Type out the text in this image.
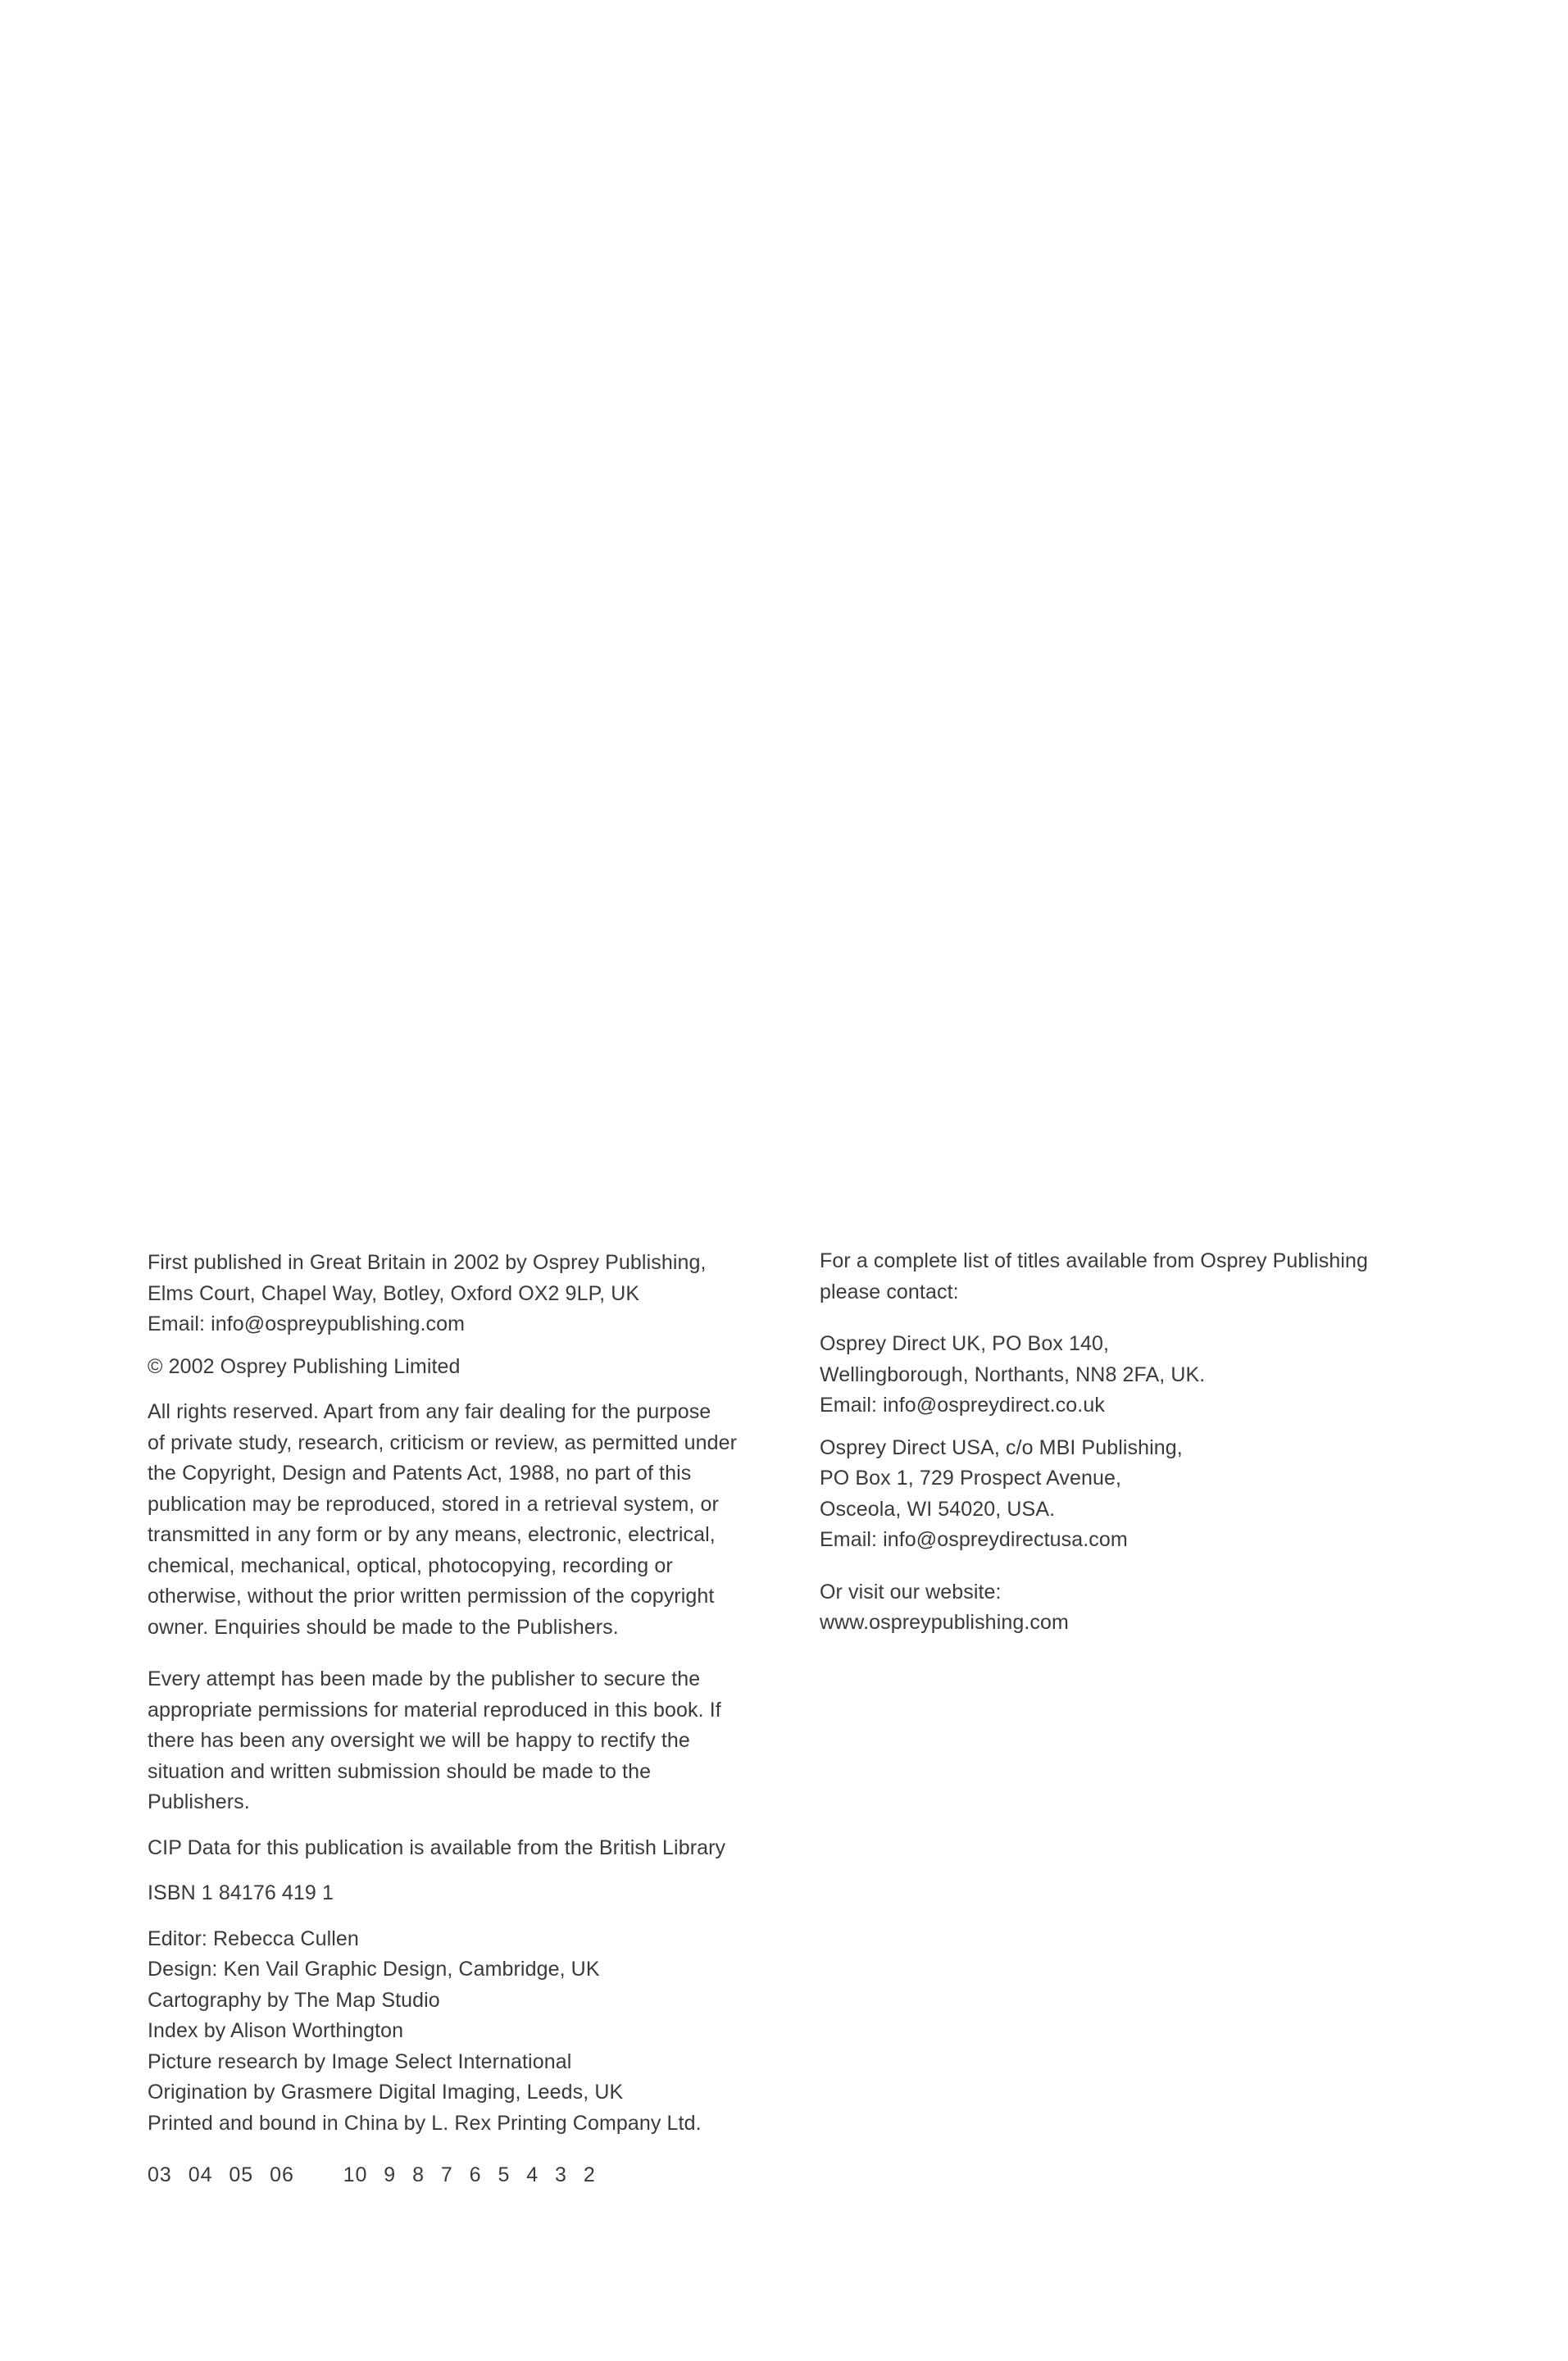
First published in Great Britain in 2002 by Osprey Publishing,
Elms Court, Chapel Way, Botley, Oxford OX2 9LP, UK
Email: info@ospreypublishing.com
© 2002 Osprey Publishing Limited
All rights reserved. Apart from any fair dealing for the purpose
of private study, research, criticism or review, as permitted under
the Copyright, Design and Patents Act, 1988, no part of this
publication may be reproduced, stored in a retrieval system, or
transmitted in any form or by any means, electronic, electrical,
chemical, mechanical, optical, photocopying, recording or
otherwise, without the prior written permission of the copyright
owner. Enquiries should be made to the Publishers.
Every attempt has been made by the publisher to secure the
appropriate permissions for material reproduced in this book. If
there has been any oversight we will be happy to rectify the
situation and written submission should be made to the
Publishers.
CIP Data for this publication is available from the British Library
ISBN 1 84176 419 1
Editor: Rebecca Cullen
Design: Ken Vail Graphic Design, Cambridge, UK
Cartography by The Map Studio
Index by Alison Worthington
Picture research by Image Select International
Origination by Grasmere Digital Imaging, Leeds, UK
Printed and bound in China by L. Rex Printing Company Ltd.
03  04  05  06      10  9  8  7  6  5  4  3  2
For a complete list of titles available from Osprey Publishing
please contact:
Osprey Direct UK, PO Box 140,
Wellingborough, Northants, NN8 2FA, UK.
Email: info@ospreydirect.co.uk
Osprey Direct USA, c/o MBI Publishing,
PO Box 1, 729 Prospect Avenue,
Osceola, WI 54020, USA.
Email: info@ospreydirectusa.com
Or visit our website:
www.ospreypublishing.com
